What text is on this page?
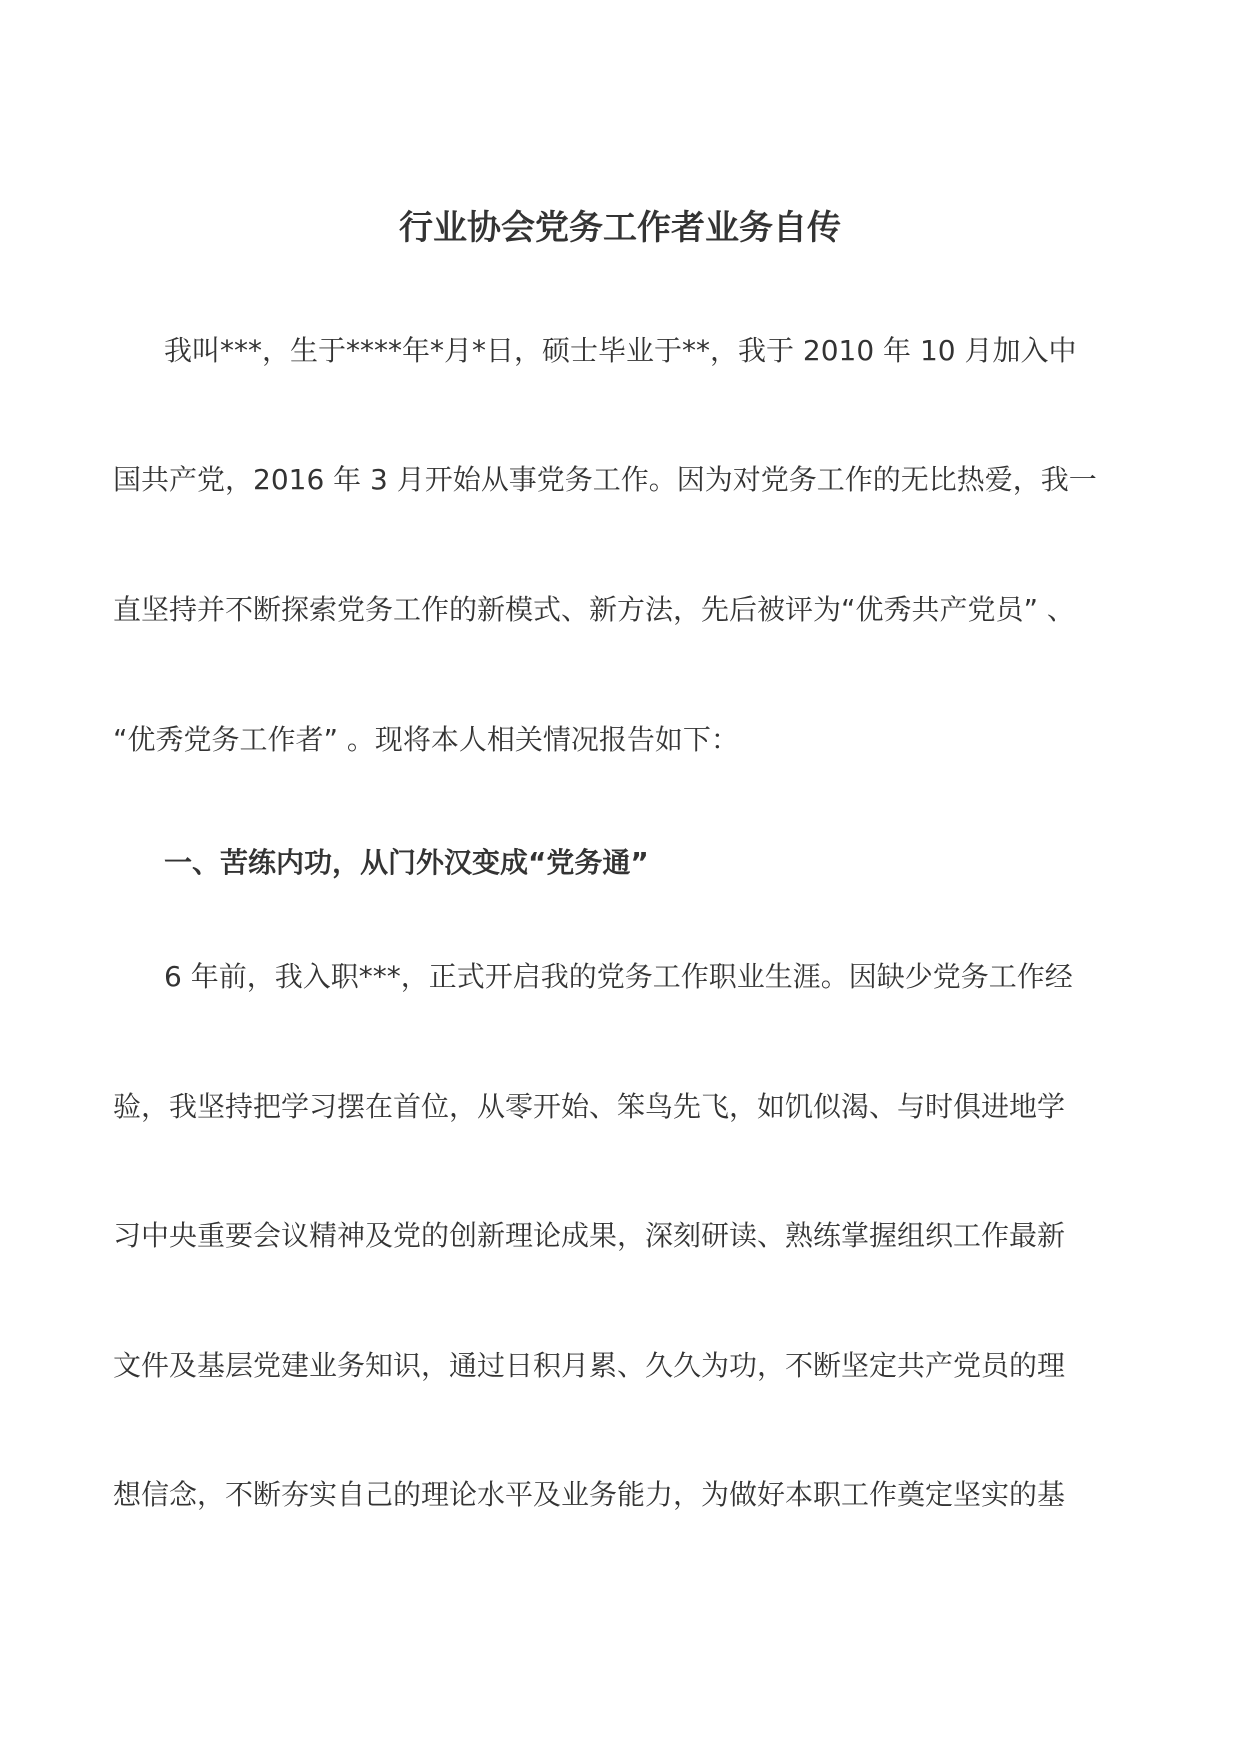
行业协会党务工作者业务自传
我叫***，生于****年*月*日，硕士毕业于**，我于 2010 年 10 月加入中
国共产党，2016 年 3 月开始从事党务工作。因为对党务工作的无比热爱，我一
直坚持并不断探索党务工作的新模式、新方法，先后被评为“优秀共产党员” 、
“优秀党务工作者” 。现将本人相关情况报告如下：
一、苦练内功，从门外汉变成“党务通”
6 年前，我入职***，正式开启我的党务工作职业生涯。因缺少党务工作经
验，我坚持把学习摆在首位，从零开始、笨鸟先飞，如饥似渴、与时俱进地学
习中央重要会议精神及党的创新理论成果，深刻研读、熟练掌握组织工作最新
文件及基层党建业务知识，通过日积月累、久久为功，不断坚定共产党员的理
想信念，不断夯实自己的理论水平及业务能力，为做好本职工作奠定坚实的基
